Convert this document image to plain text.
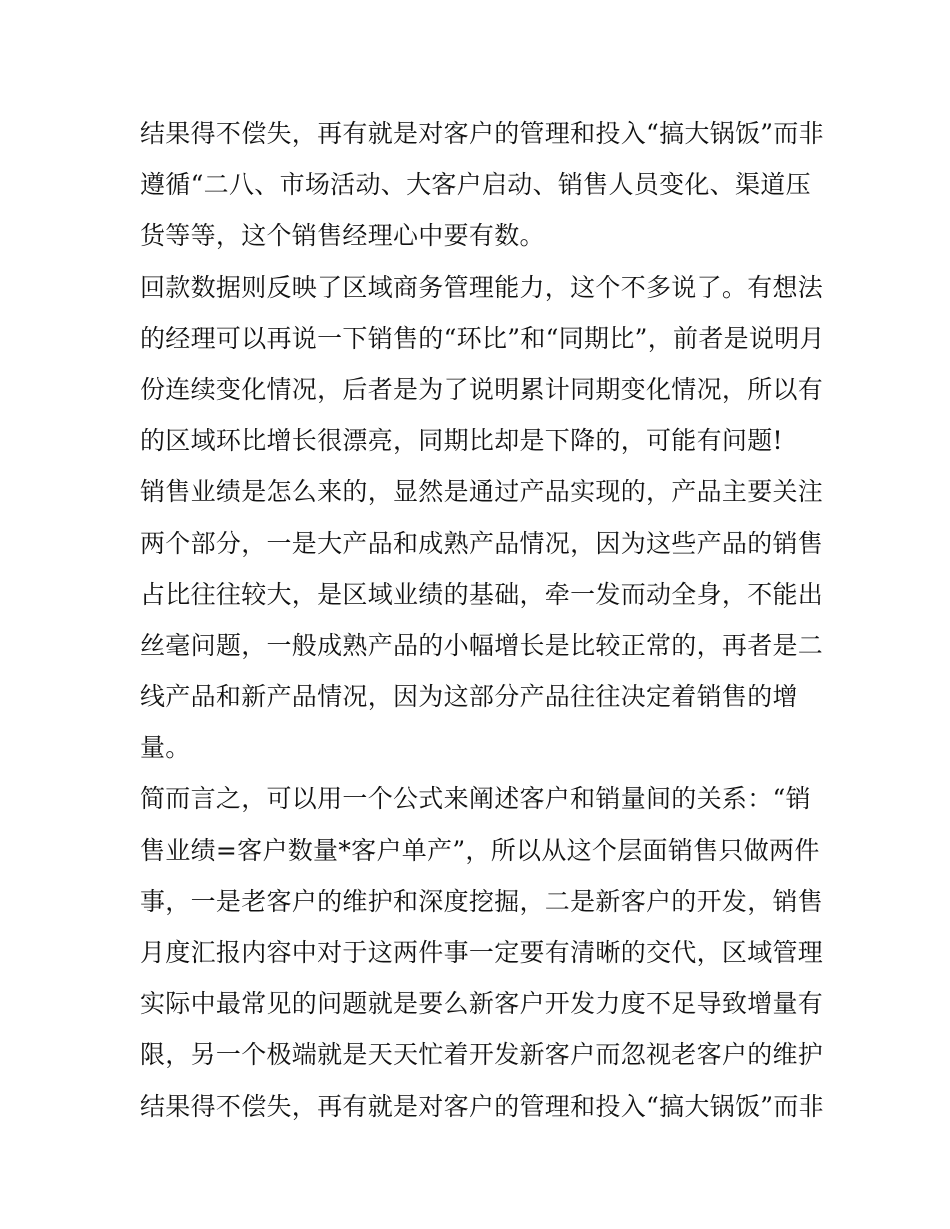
结果得不偿失，再有就是对客户的管理和投入“搞大锅饭”而非
遵循“二八、市场活动、大客户启动、销售人员变化、渠道压
货等等，这个销售经理心中要有数。
回款数据则反映了区域商务管理能力，这个不多说了。有想法
的经理可以再说一下销售的“环比”和“同期比”，前者是说明月
份连续变化情况，后者是为了说明累计同期变化情况，所以有
的区域环比增长很漂亮，同期比却是下降的，可能有问题!
销售业绩是怎么来的，显然是通过产品实现的，产品主要关注
两个部分，一是大产品和成熟产品情况，因为这些产品的销售
占比往往较大，是区域业绩的基础，牵一发而动全身，不能出
丝毫问题，一般成熟产品的小幅增长是比较正常的，再者是二
线产品和新产品情况，因为这部分产品往往决定着销售的增
量。
简而言之，可以用一个公式来阐述客户和销量间的关系：“销
售业绩=客户数量*客户单产”，所以从这个层面销售只做两件
事，一是老客户的维护和深度挖掘，二是新客户的开发，销售
月度汇报内容中对于这两件事一定要有清晰的交代，区域管理
实际中最常见的问题就是要么新客户开发力度不足导致增量有
限，另一个极端就是天天忙着开发新客户而忽视老客户的维护
结果得不偿失，再有就是对客户的管理和投入“搞大锅饭”而非
